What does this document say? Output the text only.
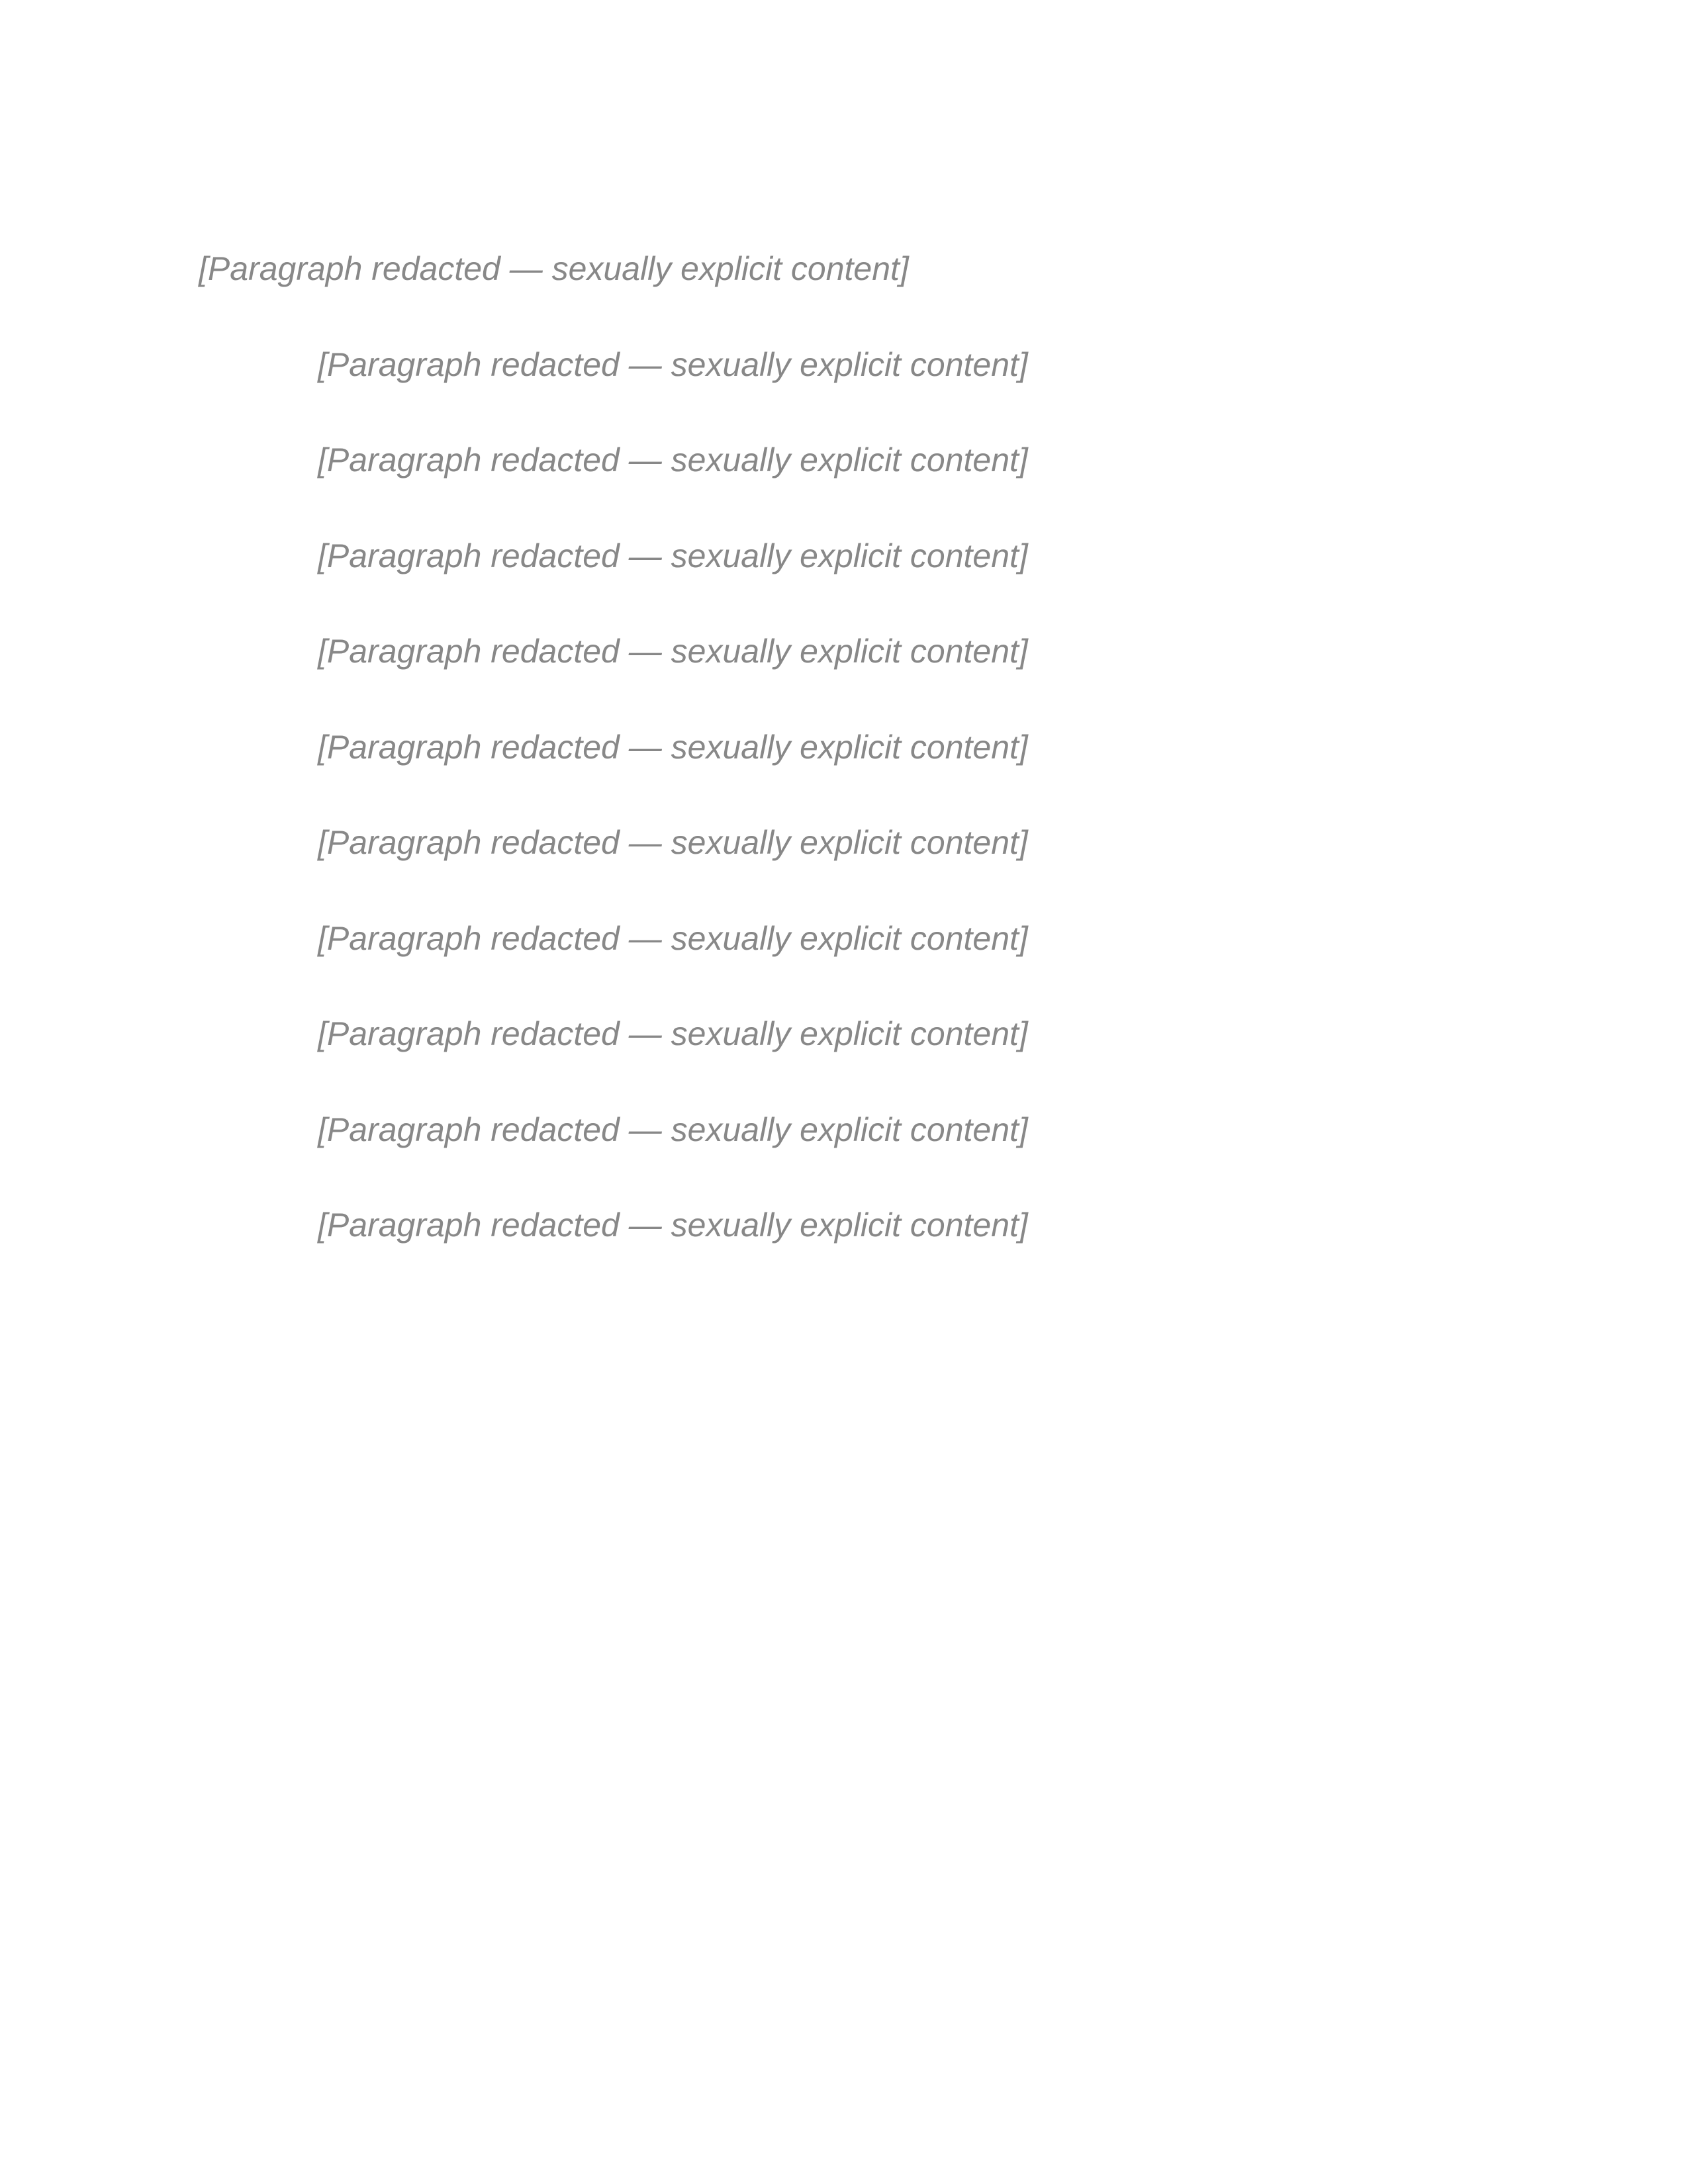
[Paragraph redacted — sexually explicit content]

[Paragraph redacted — sexually explicit content]

[Paragraph redacted — sexually explicit content]

[Paragraph redacted — sexually explicit content]

[Paragraph redacted — sexually explicit content]

[Paragraph redacted — sexually explicit content]

[Paragraph redacted — sexually explicit content]

[Paragraph redacted — sexually explicit content]

[Paragraph redacted — sexually explicit content]

[Paragraph redacted — sexually explicit content]

[Paragraph redacted — sexually explicit content]
